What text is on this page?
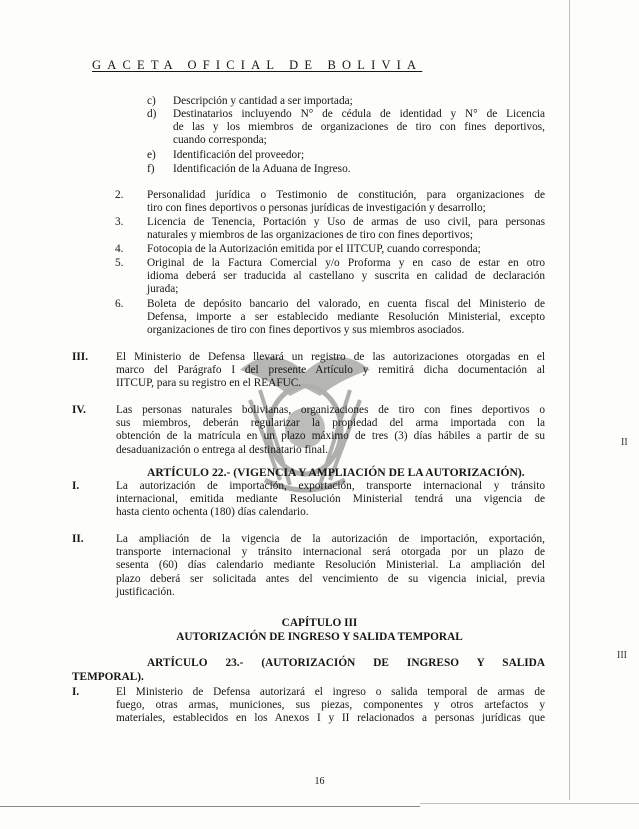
GACETA OFICIAL DE BOLIVIA
c) Descripción y cantidad a ser importada;
d) Destinatarios incluyendo N° de cédula de identidad y N° de Licencia
de las y los miembros de organizaciones de tiro con fines deportivos,
cuando corresponda;
e) Identificación del proveedor;
f) Identificación de la Aduana de Ingreso.
2. Personalidad jurídica o Testimonio de constitución, para organizaciones de
tiro con fines deportivos o personas jurídicas de investigación y desarrollo;
3. Licencia de Tenencia, Portación y Uso de armas de uso civil, para personas
naturales y miembros de las organizaciones de tiro con fines deportivos;
4. Fotocopia de la Autorización emitida por el IITCUP, cuando corresponda;
5. Original de la Factura Comercial y/o Proforma y en caso de estar en otro
idioma deberá ser traducida al castellano y suscrita en calidad de declaración
jurada;
6. Boleta de depósito bancario del valorado, en cuenta fiscal del Ministerio de
Defensa, importe a ser establecido mediante Resolución Ministerial, excepto
organizaciones de tiro con fines deportivos y sus miembros asociados.
III. El Ministerio de Defensa llevará un registro de las autorizaciones otorgadas en el
marco del Parágrafo I del presente Artículo y remitirá dicha documentación al
IITCUP, para su registro en el REAFUC.
IV.	Las personas naturales bolivianas, organizaciones de tiro con fines deportivos o
sus miembros, deberán regularizar la propiedad del arma importada con la
obtención de la matrícula en un plazo máximo de tres (3) días hábiles a partir de su
desaduanización o entrega al destinatario final.
ARTÍCULO 22.- (VIGENCIA Y AMPLIACIÓN DE LA AUTORIZACIÓN).
I.	La autorización de importación, exportación, transporte internacional y tránsito
internacional, emitida mediante Resolución Ministerial tendrá una vigencia de
hasta ciento ochenta (180) días calendario.
II.	La ampliación de la vigencia de la autorización de importación, exportación,
transporte internacional y tránsito internacional será otorgada por un plazo de
sesenta (60) días calendario mediante Resolución Ministerial. La ampliación del
plazo deberá ser solicitada antes del vencimiento de su vigencia inicial, previa
justificación.
CAPÍTULO III
AUTORIZACIÓN DE INGRESO Y SALIDA TEMPORAL
ARTÍCULO 23.- (AUTORIZACIÓN DE INGRESO Y SALIDA
TEMPORAL).
I.	El Ministerio de Defensa autorizará el ingreso o salida temporal de armas de
fuego, otras armas, municiones, sus piezas, componentes y otros artefactos y
materiales, establecidos en los Anexos I y II relacionados a personas jurídicas que
16
II
III
